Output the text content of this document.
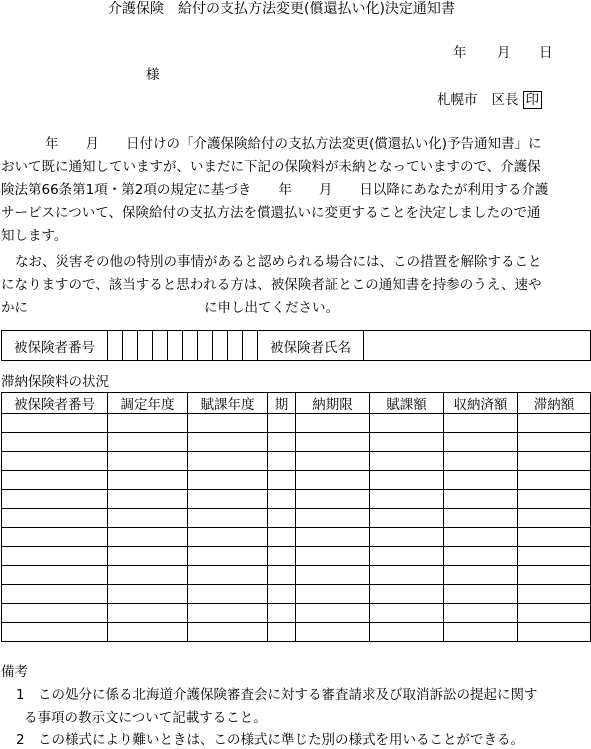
介護保険　給付の支払方法変更(償還払い化)決定通知書
年 月 日
様
札幌市 区長 印
年　　月　　日付けの「介護保険給付の支払方法変更(償還払い化)予告通知書」に
おいて既に通知していますが、いまだに下記の保険料が未納となっていますので、介護保
険法第66条第1項・第2項の規定に基づき　　年　　月　　日以降にあなたが利用する介護
サービスについて、保険給付の支払方法を償還払いに変更することを決定しましたので通
知します。
なお、災害その他の特別の事情があると認められる場合には、この措置を解除すること
になりますので、該当すると思われる方は、被保険者証とこの通知書を持参のうえ、速や
かに	に申し出てください。
被保険者番号											被保険者氏名	
滞納保険料の状況
被保険者番号	調定年度	賦課年度	期	納期限	賦課額	収納済額	滞納額

備考
1 この処分に係る北海道介護保険審査会に対する審査請求及び取消訴訟の提起に関す
る事項の教示文について記載すること。
2 この様式により難いときは、この様式に準じた別の様式を用いることができる。
